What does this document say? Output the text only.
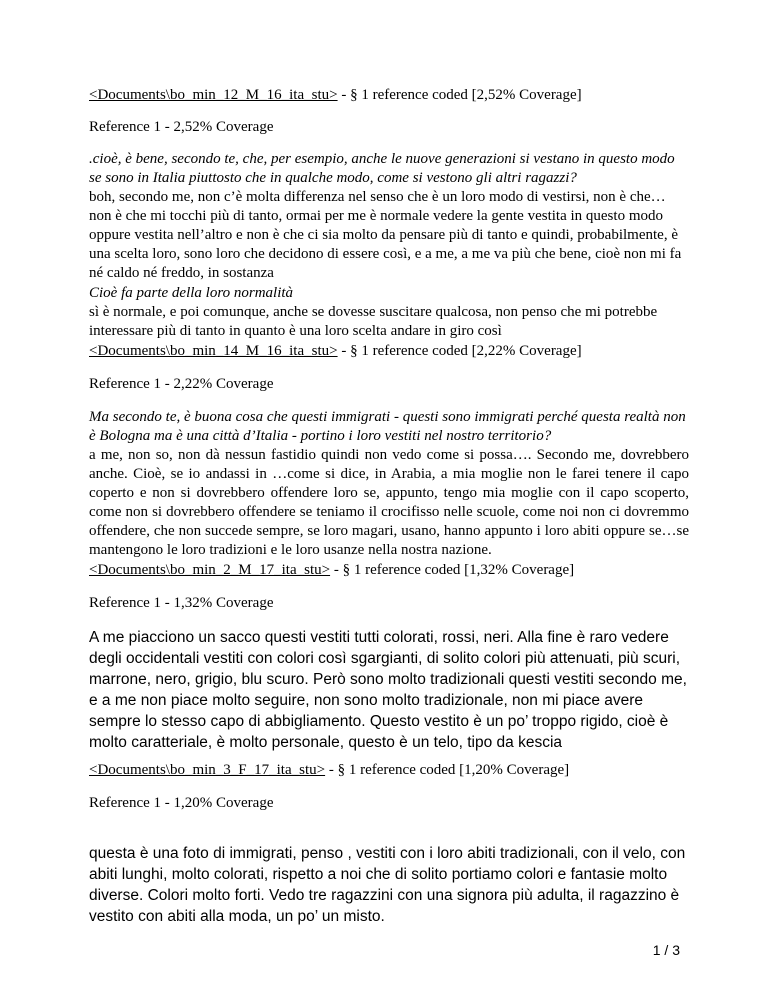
<Documents\bo_min_12_M_16_ita_stu> - § 1 reference coded [2,52% Coverage]

Reference 1 - 2,52% Coverage

.cioè, è bene, secondo te, che, per esempio, anche le nuove generazioni si vestano in questo modo se sono in Italia piuttosto che in qualche modo, come si vestono gli altri ragazzi?

boh, secondo me, non c’è molta differenza nel senso che è un loro modo di vestirsi, non è che… non è che mi tocchi più di tanto, ormai per me è normale vedere la gente vestita in questo modo oppure vestita nell’altro e non è che ci sia molto da pensare più di tanto e quindi, probabilmente, è una scelta loro, sono loro che decidono di essere così, e a me, a me va più che bene, cioè non mi fa né caldo né freddo, in sostanza

Cioè fa parte della loro normalità

sì è normale, e poi comunque, anche se dovesse suscitare qualcosa, non penso che mi potrebbe interessare più di tanto in quanto è una loro scelta andare in giro così

<Documents\bo_min_14_M_16_ita_stu> - § 1 reference coded [2,22% Coverage]

Reference 1 - 2,22% Coverage

Ma secondo te, è buona cosa che questi immigrati - questi sono immigrati perché questa realtà non è Bologna ma è una città d’Italia - portino i loro vestiti nel nostro territorio?

a me, non so, non dà nessun fastidio quindi non vedo come si possa…. Secondo me, dovrebbero anche. Cioè, se io andassi in …come si dice, in Arabia, a mia moglie non le farei tenere il capo coperto e non si dovrebbero offendere loro se, appunto, tengo mia moglie con il capo scoperto, come non si dovrebbero offendere se teniamo il crocifisso nelle scuole, come noi non ci dovremmo offendere, che non succede sempre, se loro magari, usano, hanno appunto i loro abiti oppure se…se mantengono le loro tradizioni e le loro usanze nella nostra nazione.

<Documents\bo_min_2_M_17_ita_stu> - § 1 reference coded [1,32% Coverage]

Reference 1 - 1,32% Coverage

A me piacciono un sacco questi vestiti tutti colorati, rossi, neri. Alla fine è raro vedere degli occidentali vestiti con colori così sgargianti, di solito colori più attenuati, più scuri, marrone, nero, grigio, blu scuro. Però sono molto tradizionali questi vestiti secondo me, e a me non piace molto seguire, non sono molto tradizionale, non mi piace avere sempre lo stesso capo di abbigliamento. Questo vestito è un po’ troppo rigido, cioè è molto caratteriale, è molto personale, questo è un telo, tipo da kescia

<Documents\bo_min_3_F_17_ita_stu> - § 1 reference coded [1,20% Coverage]

Reference 1 - 1,20% Coverage

questa è una foto di immigrati, penso , vestiti con i loro abiti tradizionali, con il velo, con abiti lunghi, molto colorati, rispetto a noi che di solito portiamo colori e fantasie molto diverse. Colori molto forti. Vedo tre ragazzini con una signora più adulta, il ragazzino è vestito con abiti alla moda, un po’ un misto.

1 / 3
